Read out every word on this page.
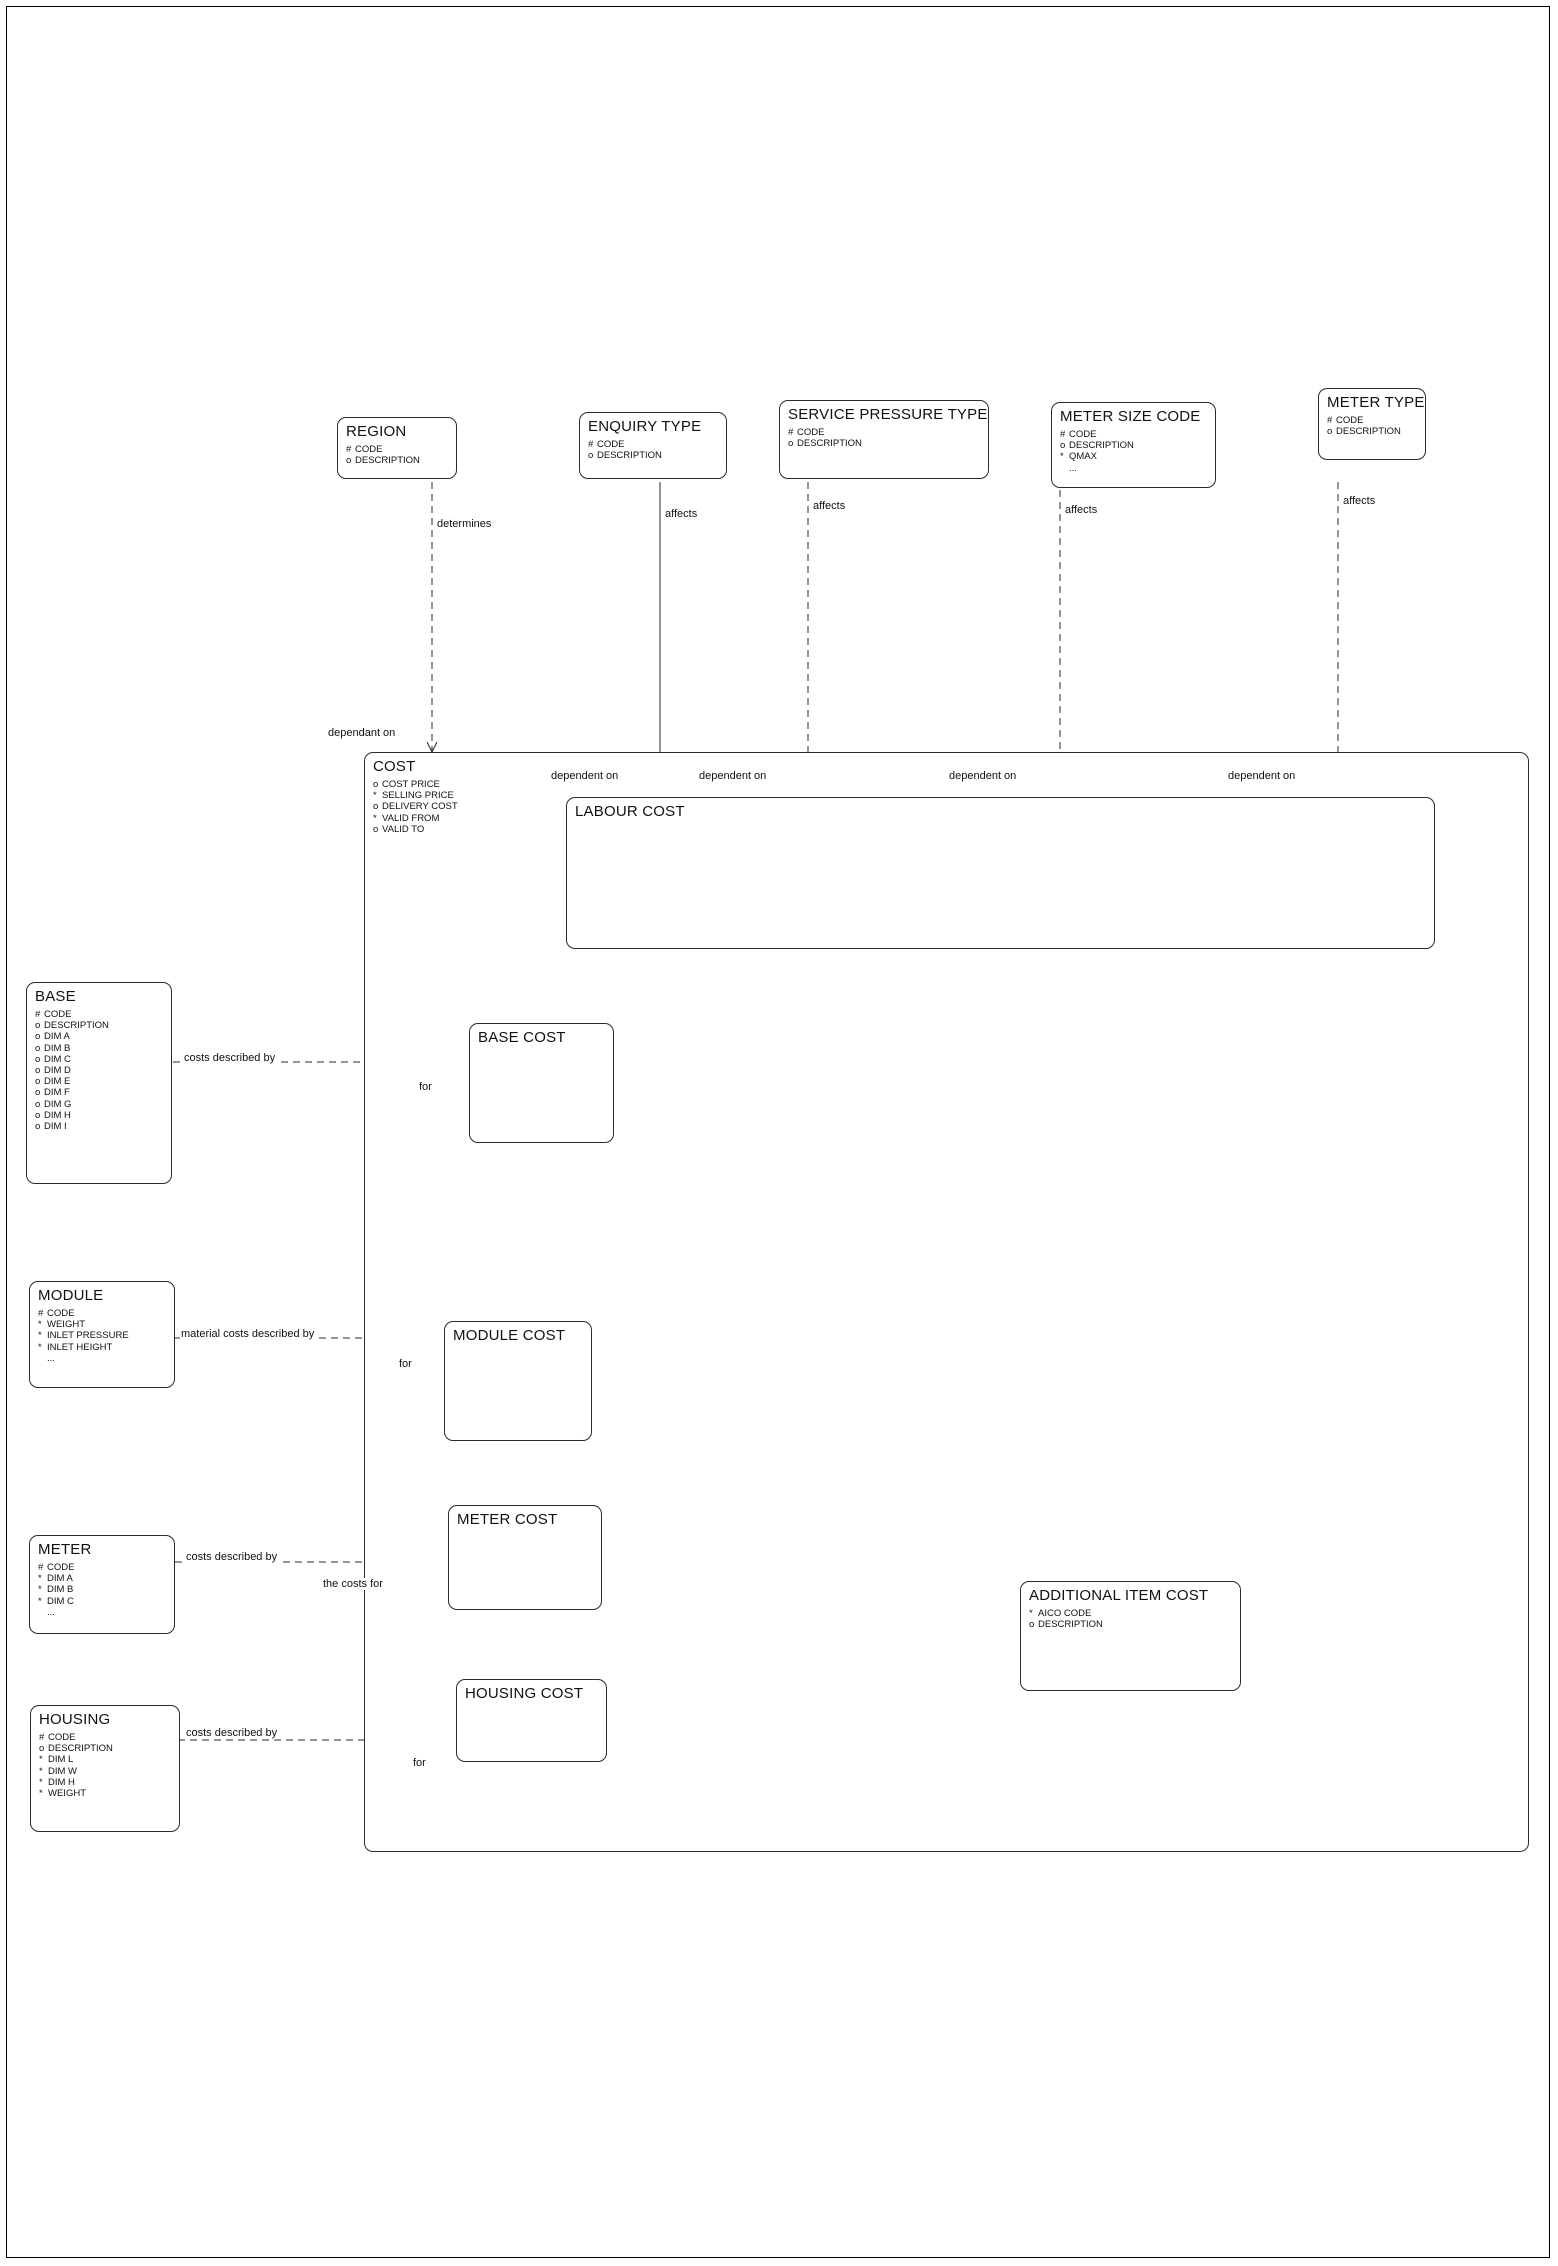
REGION
# CODE
o DESCRIPTION
ENQUIRY TYPE
# CODE
o DESCRIPTION
SERVICE PRESSURE TYPE
# CODE
o DESCRIPTION
METER SIZE CODE
# CODE
o DESCRIPTION
* QMAX
...
METER TYPE
# CODE
o DESCRIPTION
COST
o COST PRICE
* SELLING PRICE
o DELIVERY COST
* VALID FROM
o VALID TO
LABOUR COST
BASE COST
MODULE COST
METER COST
HOUSING COST
ADDITIONAL ITEM COST
* AICO CODE
o DESCRIPTION
BASE
# CODE
o DESCRIPTION
o DIM A
o DIM B
o DIM C
o DIM D
o DIM E
o DIM F
o DIM G
o DIM H
o DIM I
MODULE
# CODE
* WEIGHT
* INLET PRESSURE
* INLET HEIGHT
...
METER
# CODE
* DIM A
* DIM B
* DIM C
...
HOUSING
# CODE
o DESCRIPTION
* DIM L
* DIM W
* DIM H
* WEIGHT
determines
affects
affects	affects
affects
dependant on
dependent on	dependent on	dependent on	dependent on
costs described by
for
material costs described by
for
costs described by
the costs for
costs described by
for
